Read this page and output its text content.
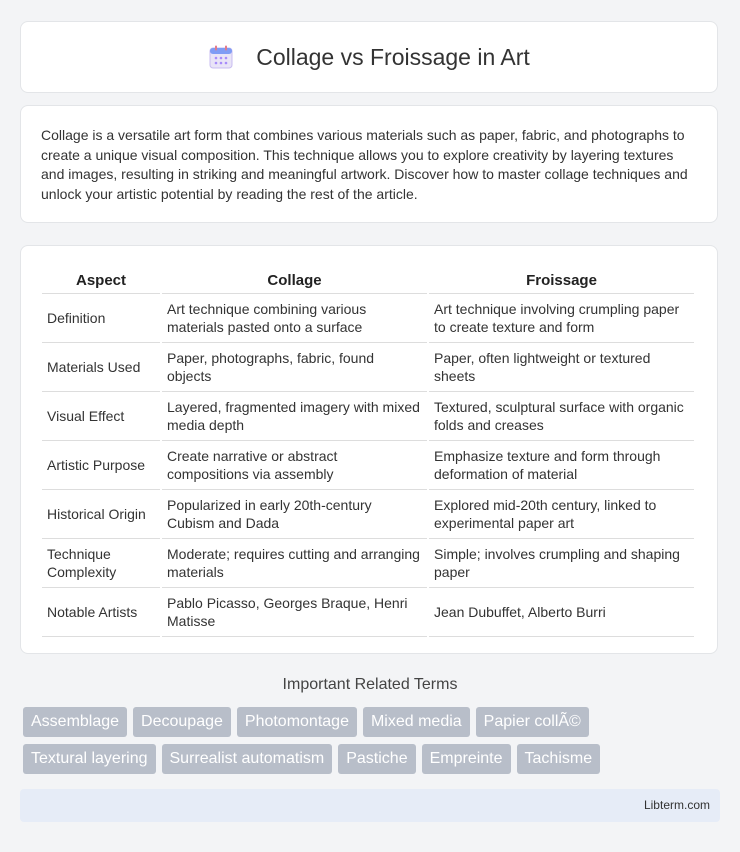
Collage vs Froissage in Art

Collage is a versatile art form that combines various materials such as paper, fabric, and photographs to create a unique visual composition. This technique allows you to explore creativity by layering textures and images, resulting in striking and meaningful artwork. Discover how to master collage techniques and unlock your artistic potential by reading the rest of the article.

Aspect	Collage	Froissage
Definition	Art technique combining various materials pasted onto a surface	Art technique involving crumpling paper to create texture and form
Materials Used	Paper, photographs, fabric, found objects	Paper, often lightweight or textured sheets
Visual Effect	Layered, fragmented imagery with mixed media depth	Textured, sculptural surface with organic folds and creases
Artistic Purpose	Create narrative or abstract compositions via assembly	Emphasize texture and form through deformation of material
Historical Origin	Popularized in early 20th-century Cubism and Dada	Explored mid-20th century, linked to experimental paper art
Technique Complexity	Moderate; requires cutting and arranging materials	Simple; involves crumpling and shaping paper
Notable Artists	Pablo Picasso, Georges Braque, Henri Matisse	Jean Dubuffet, Alberto Burri
Important Related Terms
Assemblage	Decoupage	Photomontage	Mixed media	Papier collÃ©
Textural layering	Surrealist automatism	Pastiche	Empreinte	Tachisme
Libterm.com
